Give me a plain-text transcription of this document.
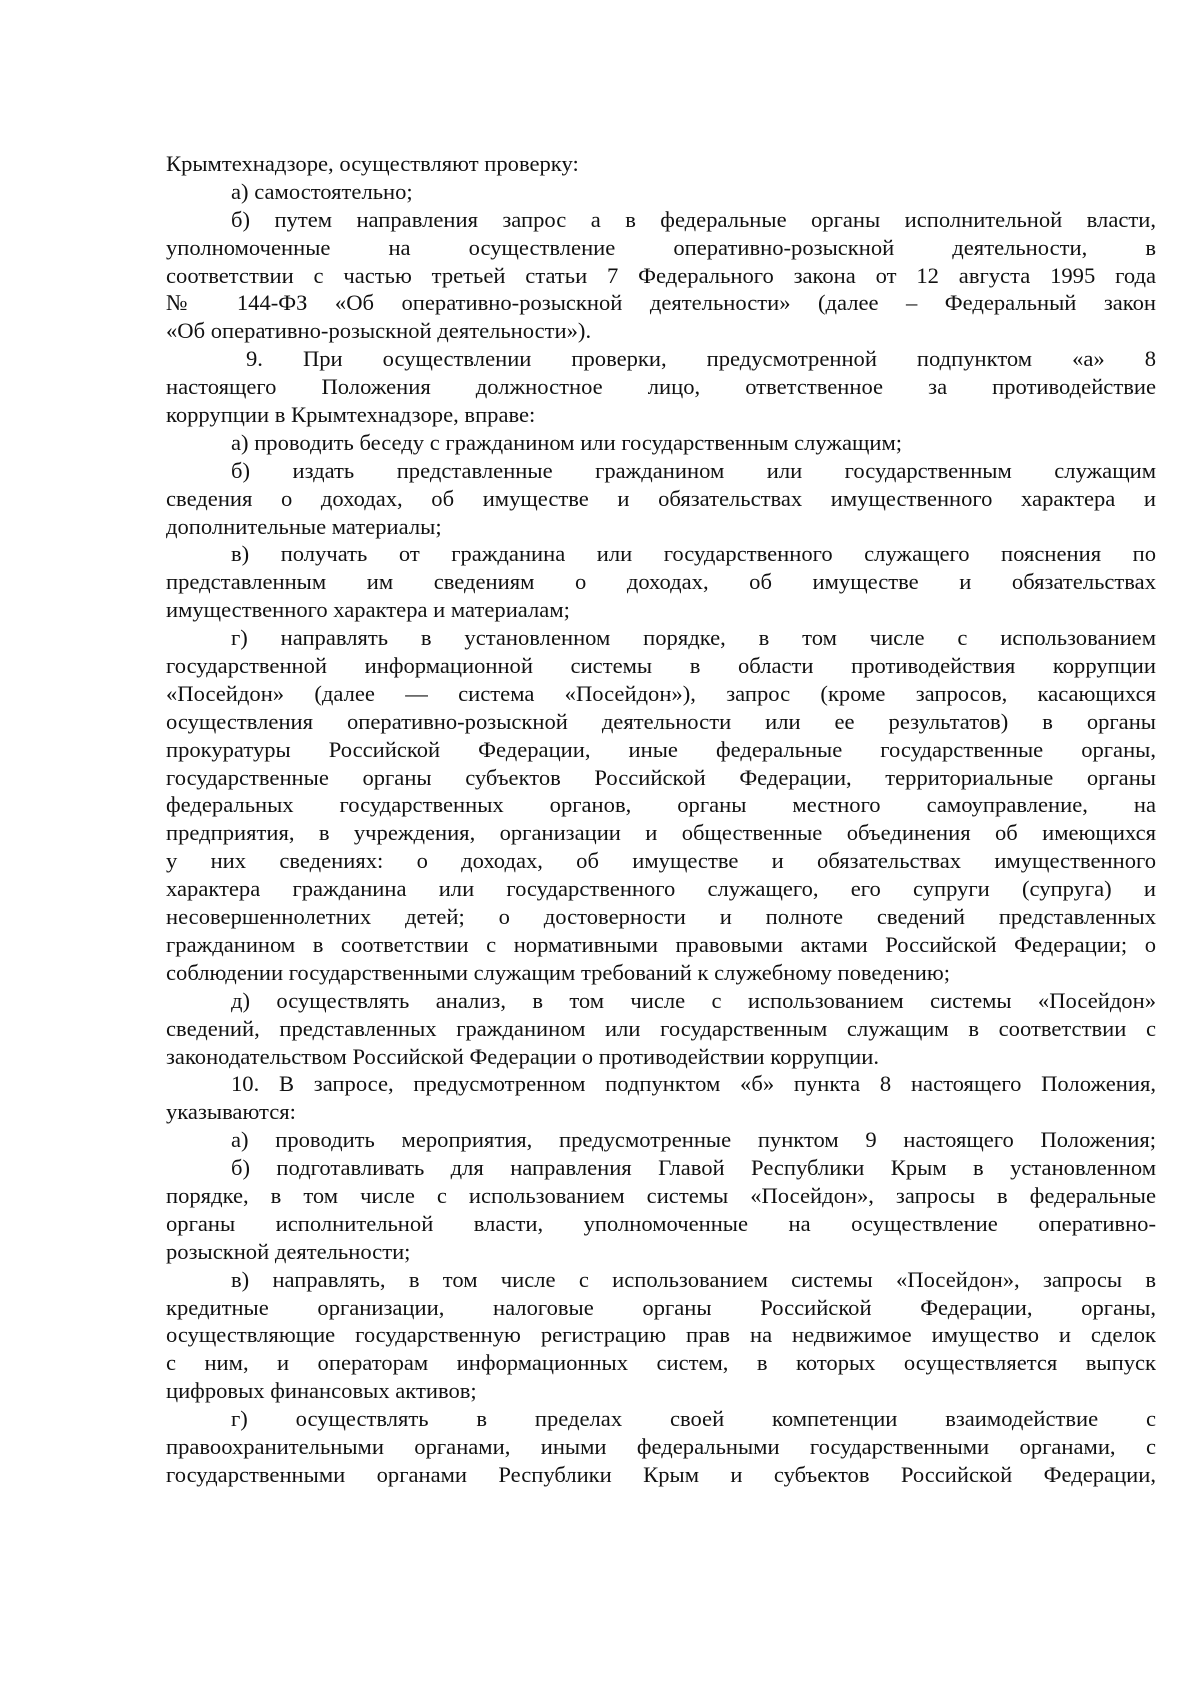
Крымтехнадзоре, осуществляют проверку:
а) самостоятельно;
б) путем направления запрос а в федеральные органы исполнительной власти,
уполномоченные на осуществление оперативно-розыскной деятельности, в
соответствии с частью третьей статьи 7 Федерального закона от 12 августа 1995 года
№ 144-ФЗ «Об оперативно-розыскной деятельности» (далее – Федеральный закон
«Об оперативно-розыскной деятельности»).
9. При осуществлении проверки, предусмотренной подпунктом «а» 8
настоящего Положения должностное лицо, ответственное за противодействие
коррупции в Крымтехнадзоре, вправе:
а) проводить беседу с гражданином или государственным служащим;
б) издать представленные гражданином или государственным служащим
сведения о доходах, об имуществе и обязательствах имущественного характера и
дополнительные материалы;
в) получать от гражданина или государственного служащего пояснения по
представленным им сведениям о доходах, об имуществе и обязательствах
имущественного характера и материалам;
г) направлять в установленном порядке, в том числе с использованием
государственной информационной системы в области противодействия коррупции
«Посейдон» (далее — система «Посейдон»), запрос (кроме запросов, касающихся
осуществления оперативно-розыскной деятельности или ее результатов) в органы
прокуратуры Российской Федерации, иные федеральные государственные органы,
государственные органы субъектов Российской Федерации, территориальные органы
федеральных государственных органов, органы местного самоуправление, на
предприятия, в учреждения, организации и общественные объединения об имеющихся
у них сведениях: о доходах, об имуществе и обязательствах имущественного
характера гражданина или государственного служащего, его супруги (супруга) и
несовершеннолетних детей; о достоверности и полноте сведений представленных
гражданином в соответствии с нормативными правовыми актами Российской Федерации; о
соблюдении государственными служащим требований к служебному поведению;
д) осуществлять анализ, в том числе с использованием системы «Посейдон»
сведений, представленных гражданином или государственным служащим в соответствии с
законодательством Российской Федерации о противодействии коррупции.
10. В запросе, предусмотренном подпунктом «б» пункта 8 настоящего Положения,
указываются:
а) проводить мероприятия, предусмотренные пунктом 9 настоящего Положения;
б) подготавливать для направления Главой Республики Крым в установленном
порядке, в том числе с использованием системы «Посейдон», запросы в федеральные
органы исполнительной власти, уполномоченные на осуществление оперативно-
розыскной деятельности;
в) направлять, в том числе с использованием системы «Посейдон», запросы в
кредитные организации, налоговые органы Российской Федерации, органы,
осуществляющие государственную регистрацию прав на недвижимое имущество и сделок
с ним, и операторам информационных систем, в которых осуществляется выпуск
цифровых финансовых активов;
г) осуществлять в пределах своей компетенции взаимодействие с
правоохранительными органами, иными федеральными государственными органами, с
государственными органами Республики Крым и субъектов Российской Федерации,
